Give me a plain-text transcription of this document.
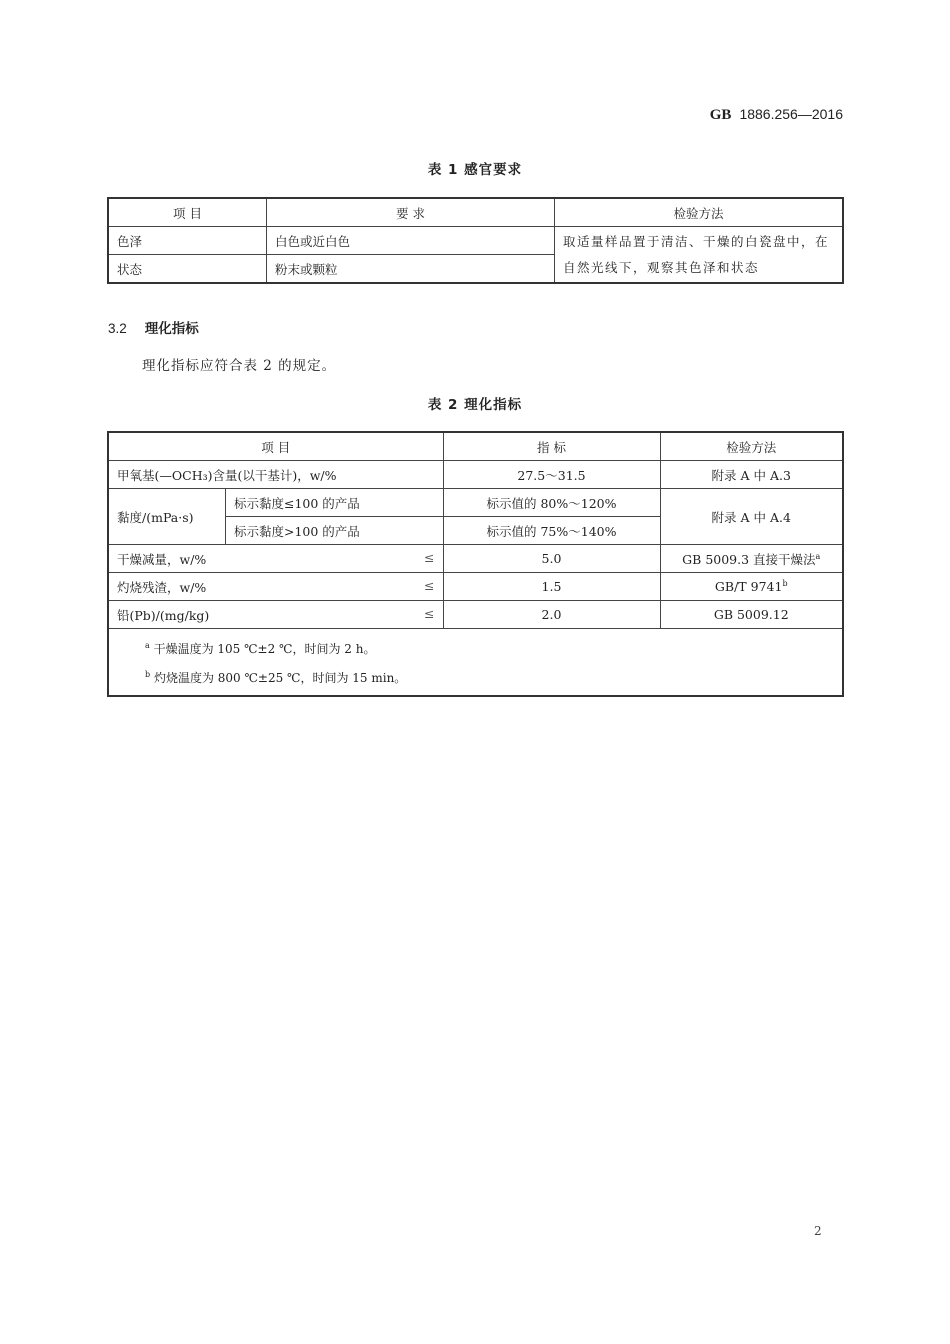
GB 1886.256—2016
表 1 感官要求
项 目	要 求	检验方法
色泽	白色或近白色	取适量样品置于清洁、干燥的白瓷盘中，在自然光线下，观察其色泽和状态
状态	粉末或颗粒	
3.2 理化指标
理化指标应符合表 2 的规定。
表 2 理化指标
项 目		指 标	检验方法
甲氧基(—OCH₃)含量(以干基计)，w/%		27.5～31.5	附录 A 中 A.3
黏度/(mPa·s)	标示黏度≤100 的产品	标示值的 80%～120%	附录 A 中 A.4
	标示黏度>100 的产品	标示值的 75%～140%	
干燥减量，w/% ≤		5.0	GB 5009.3 直接干燥法$^a$
灼烧残渣，w/% ≤		1.5	GB/T 9741$^b$
铅(Pb)/(mg/kg) ≤		2.0	GB 5009.12

$^a$ 干燥温度为 105 ℃±2 ℃，时间为 2 h。
$^b$ 灼烧温度为 800 ℃±25 ℃，时间为 15 min。			
2
